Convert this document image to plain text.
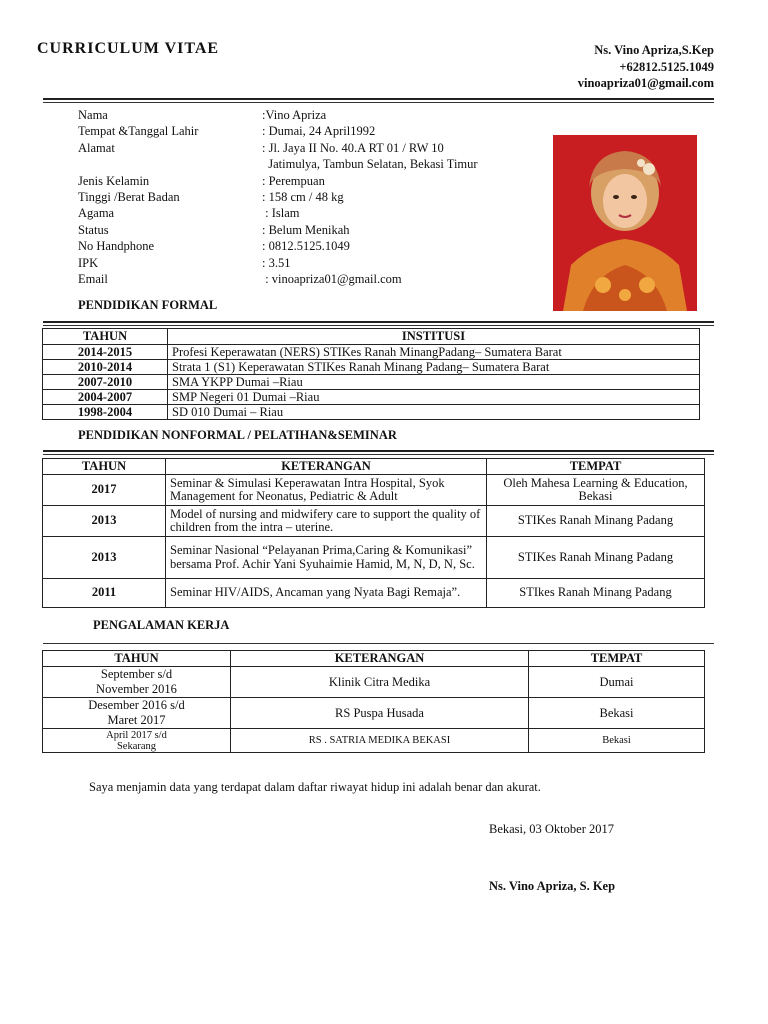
CURRICULUM VITAE	Ns. Vino Apriza,S.Kep
+62812.5125.1049
vinoapriza01@gmail.com
Nama	:Vino Apriza
Tempat &Tanggal Lahir	: Dumai, 24 April1992
Alamat	: Jl. Jaya II No. 40.A RT 01 / RW 10
Jatimulya, Tambun Selatan, Bekasi Timur
Jenis Kelamin	: Perempuan
Tinggi /Berat Badan	: 158 cm / 48 kg
Agama	: Islam
Status	: Belum Menikah
No Handphone	: 0812.5125.1049
IPK	: 3.51
Email	: vinoapriza01@gmail.com
PENDIDIKAN FORMAL
TAHUN	INSTITUSI
2014-2015	Profesi Keperawatan (NERS) STIKes Ranah MinangPadang– Sumatera Barat
2010-2014	Strata 1 (S1) Keperawatan STIKes Ranah Minang Padang– Sumatera Barat
2007-2010	SMA YKPP Dumai –Riau
2004-2007	SMP Negeri 01 Dumai –Riau
1998-2004	SD 010 Dumai – Riau
PENDIDIKAN NONFORMAL / PELATIHAN&SEMINAR
TAHUN	KETERANGAN	TEMPAT
2017	Seminar & Simulasi Keperawatan Intra Hospital, Syok Management for Neonatus, Pediatric & Adult	Oleh Mahesa Learning & Education, Bekasi
2013	Model of nursing and midwifery care to support the quality of children from the intra – uterine.	STIKes Ranah Minang Padang
2013	Seminar Nasional “Pelayanan Prima,Caring & Komunikasi” bersama Prof. Achir Yani Syuhaimie Hamid, M, N, D, N, Sc.	STIKes Ranah Minang Padang
2011	Seminar HIV/AIDS, Ancaman yang Nyata Bagi Remaja”.	STIkes Ranah Minang Padang
PENGALAMAN KERJA
TAHUN	KETERANGAN	TEMPAT

September s/d
November 2016	Klinik Citra Medika	Dumai

Desember 2016 s/d
Maret 2017	RS Puspa Husada	Bekasi

April 2017 s/d
Sekarang	RS . SATRIA MEDIKA BEKASI	Bekasi
Saya menjamin data yang terdapat dalam daftar riwayat hidup ini adalah benar dan akurat.
Bekasi, 03 Oktober 2017
Ns. Vino Apriza, S. Kep
